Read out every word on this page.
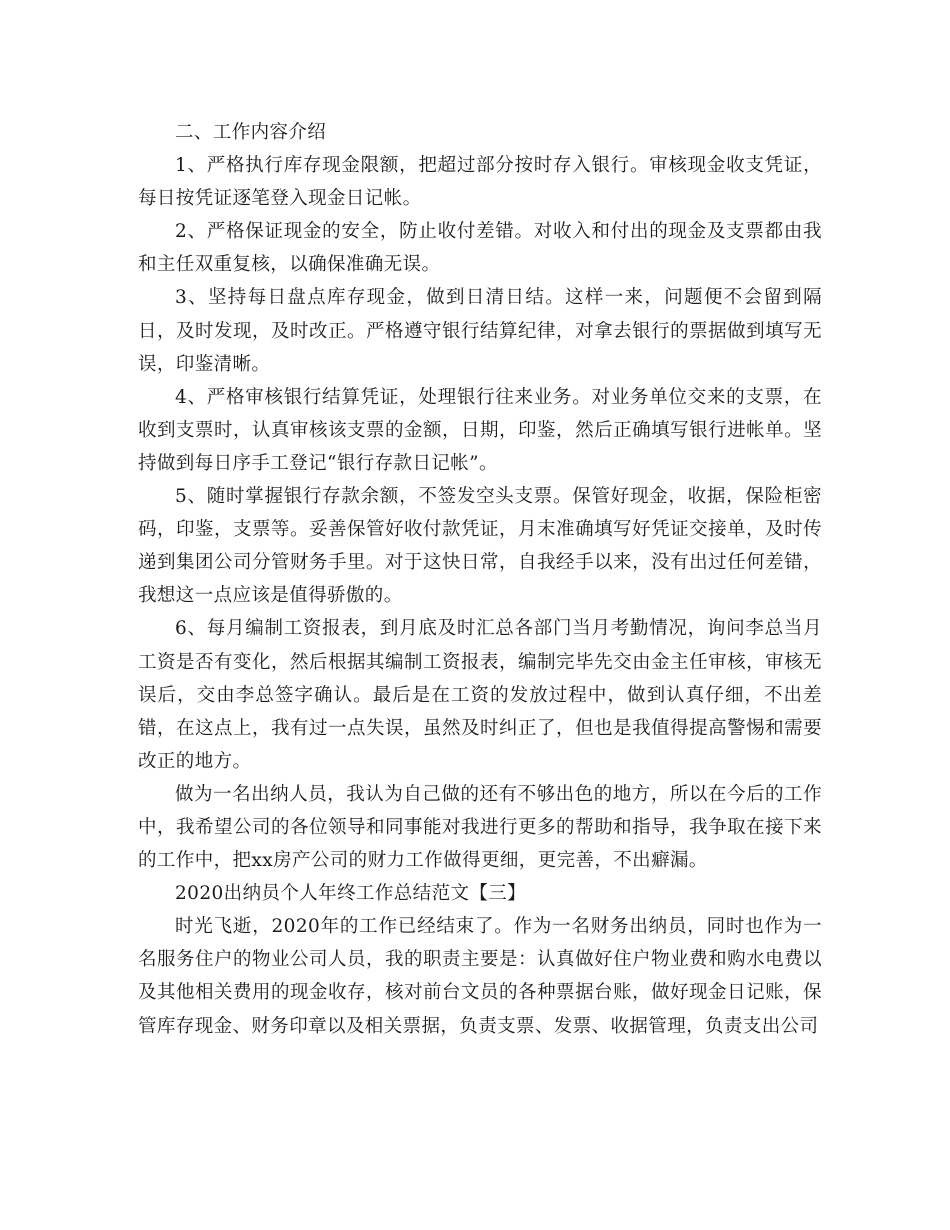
二、工作内容介绍

1、严格执行库存现金限额，把超过部分按时存入银行。审核现金收支凭证，每日按凭证逐笔登入现金日记帐。

2、严格保证现金的安全，防止收付差错。对收入和付出的现金及支票都由我和主任双重复核，以确保准确无误。

3、坚持每日盘点库存现金，做到日清日结。这样一来，问题便不会留到隔日，及时发现，及时改正。严格遵守银行结算纪律，对拿去银行的票据做到填写无误，印鉴清晰。

4、严格审核银行结算凭证，处理银行往来业务。对业务单位交来的支票，在收到支票时，认真审核该支票的金额，日期，印鉴，然后正确填写银行进帐单。坚持做到每日序手工登记“银行存款日记帐”。

5、随时掌握银行存款余额，不签发空头支票。保管好现金，收据，保险柜密码，印鉴，支票等。妥善保管好收付款凭证，月末准确填写好凭证交接单，及时传递到集团公司分管财务手里。对于这快日常，自我经手以来，没有出过任何差错，我想这一点应该是值得骄傲的。

6、每月编制工资报表，到月底及时汇总各部门当月考勤情况，询问李总当月工资是否有变化，然后根据其编制工资报表，编制完毕先交由金主任审核，审核无误后，交由李总签字确认。最后是在工资的发放过程中，做到认真仔细，不出差错，在这点上，我有过一点失误，虽然及时纠正了，但也是我值得提高警惕和需要改正的地方。

做为一名出纳人员，我认为自己做的还有不够出色的地方，所以在今后的工作中，我希望公司的各位领导和同事能对我进行更多的帮助和指导，我争取在接下来的工作中，把xx房产公司的财力工作做得更细，更完善，不出癖漏。

2020出纳员个人年终工作总结范文【三】

时光飞逝，2020年的工作已经结束了。作为一名财务出纳员，同时也作为一名服务住户的物业公司人员，我的职责主要是：认真做好住户物业费和购水电费以及其他相关费用的现金收存，核对前台文员的各种票据台账，做好现金日记账，保管库存现金、财务印章以及相关票据，负责支票、发票、收据管理，负责支出公司
